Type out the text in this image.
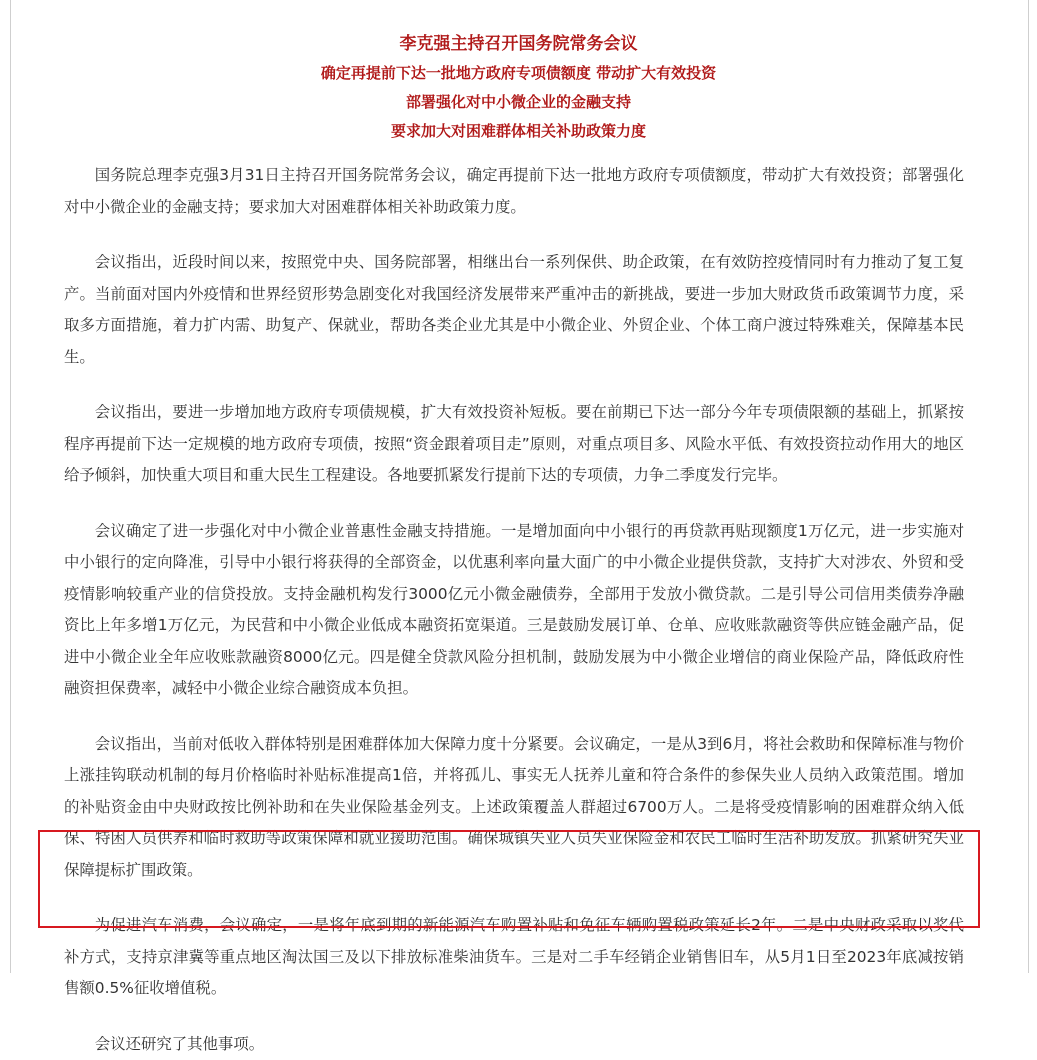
李克强主持召开国务院常务会议

确定再提前下达一批地方政府专项债额度 带动扩大有效投资

部署强化对中小微企业的金融支持

要求加大对困难群体相关补助政策力度

国务院总理李克强3月31日主持召开国务院常务会议，确定再提前下达一批地方政府专项债额度，带动扩大有效投资；部署强化对中小微企业的金融支持；要求加大对困难群体相关补助政策力度。

会议指出，近段时间以来，按照党中央、国务院部署，相继出台一系列保供、助企政策，在有效防控疫情同时有力推动了复工复产。当前面对国内外疫情和世界经贸形势急剧变化对我国经济发展带来严重冲击的新挑战，要进一步加大财政货币政策调节力度，采取多方面措施，着力扩内需、助复产、保就业，帮助各类企业尤其是中小微企业、外贸企业、个体工商户渡过特殊难关，保障基本民生。

会议指出，要进一步增加地方政府专项债规模，扩大有效投资补短板。要在前期已下达一部分今年专项债限额的基础上，抓紧按程序再提前下达一定规模的地方政府专项债，按照“资金跟着项目走”原则，对重点项目多、风险水平低、有效投资拉动作用大的地区给予倾斜，加快重大项目和重大民生工程建设。各地要抓紧发行提前下达的专项债，力争二季度发行完毕。

会议确定了进一步强化对中小微企业普惠性金融支持措施。一是增加面向中小银行的再贷款再贴现额度1万亿元，进一步实施对中小银行的定向降准，引导中小银行将获得的全部资金，以优惠利率向量大面广的中小微企业提供贷款，支持扩大对涉农、外贸和受疫情影响较重产业的信贷投放。支持金融机构发行3000亿元小微金融债券，全部用于发放小微贷款。二是引导公司信用类债券净融资比上年多增1万亿元，为民营和中小微企业低成本融资拓宽渠道。三是鼓励发展订单、仓单、应收账款融资等供应链金融产品，促进中小微企业全年应收账款融资8000亿元。四是健全贷款风险分担机制，鼓励发展为中小微企业增信的商业保险产品，降低政府性融资担保费率，减轻中小微企业综合融资成本负担。

会议指出，当前对低收入群体特别是困难群体加大保障力度十分紧要。会议确定，一是从3到6月，将社会救助和保障标准与物价上涨挂钩联动机制的每月价格临时补贴标准提高1倍，并将孤儿、事实无人抚养儿童和符合条件的参保失业人员纳入政策范围。增加的补贴资金由中央财政按比例补助和在失业保险基金列支。上述政策覆盖人群超过6700万人。二是将受疫情影响的困难群众纳入低保、特困人员供养和临时救助等政策保障和就业援助范围。确保城镇失业人员失业保险金和农民工临时生活补助发放。抓紧研究失业保障提标扩围政策。

为促进汽车消费，会议确定，一是将年底到期的新能源汽车购置补贴和免征车辆购置税政策延长2年。二是中央财政采取以奖代补方式，支持京津冀等重点地区淘汰国三及以下排放标准柴油货车。三是对二手车经销企业销售旧车，从5月1日至2023年底减按销售额0.5%征收增值税。

会议还研究了其他事项。
